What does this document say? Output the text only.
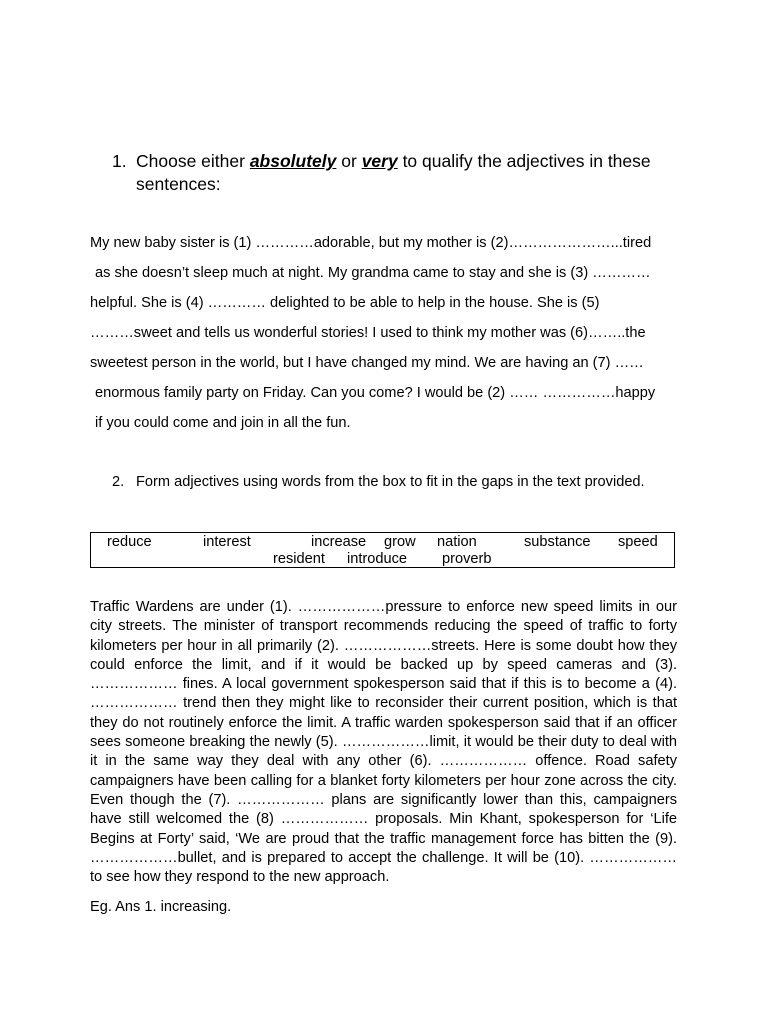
1. Choose either absolutely or very to qualify the adjectives in these sentences:
My new baby sister is (1) …………adorable, but my mother is (2)…………………...tired
as she doesn’t sleep much at night. My grandma came to stay and she is (3) …………
helpful. She is (4) ………… delighted to be able to help in the house. She is (5)
………sweet and tells us wonderful stories! I used to think my mother was (6)……..the
sweetest person in the world, but I have changed my mind. We are having an (7) ……
enormous family party on Friday. Can you come? I would be (2) …… ……………happy
if you could come and join in all the fun.
2. Form adjectives using words from the box to fit in the gaps in the text provided.
reduce	interest	increase grow nation	substance speed
resident introduce proverb
Traffic Wardens are under (1). ………………pressure to enforce new speed limits in our city streets. The minister of transport recommends reducing the speed of traffic to forty kilometers per hour in all primarily (2). ………………streets. Here is some doubt how they could enforce the limit, and if it would be backed up by speed cameras and (3). ……………… fines. A local government spokesperson said that if this is to become a (4). ……………… trend then they might like to reconsider their current position, which is that they do not routinely enforce the limit. A traffic warden spokesperson said that if an officer sees someone breaking the newly (5). ………………limit, it would be their duty to deal with it in the same way they deal with any other (6). ……………… offence. Road safety campaigners have been calling for a blanket forty kilometers per hour zone across the city. Even though the (7). ……………… plans are significantly lower than this, campaigners have still welcomed the (8) ……………… proposals. Min Khant, spokesperson for ‘Life Begins at Forty’ said, ‘We are proud that the traffic management force has bitten the (9). ………………bullet, and is prepared to accept the challenge. It will be (10). ……………… to see how they respond to the new approach.
Eg. Ans 1. increasing.
